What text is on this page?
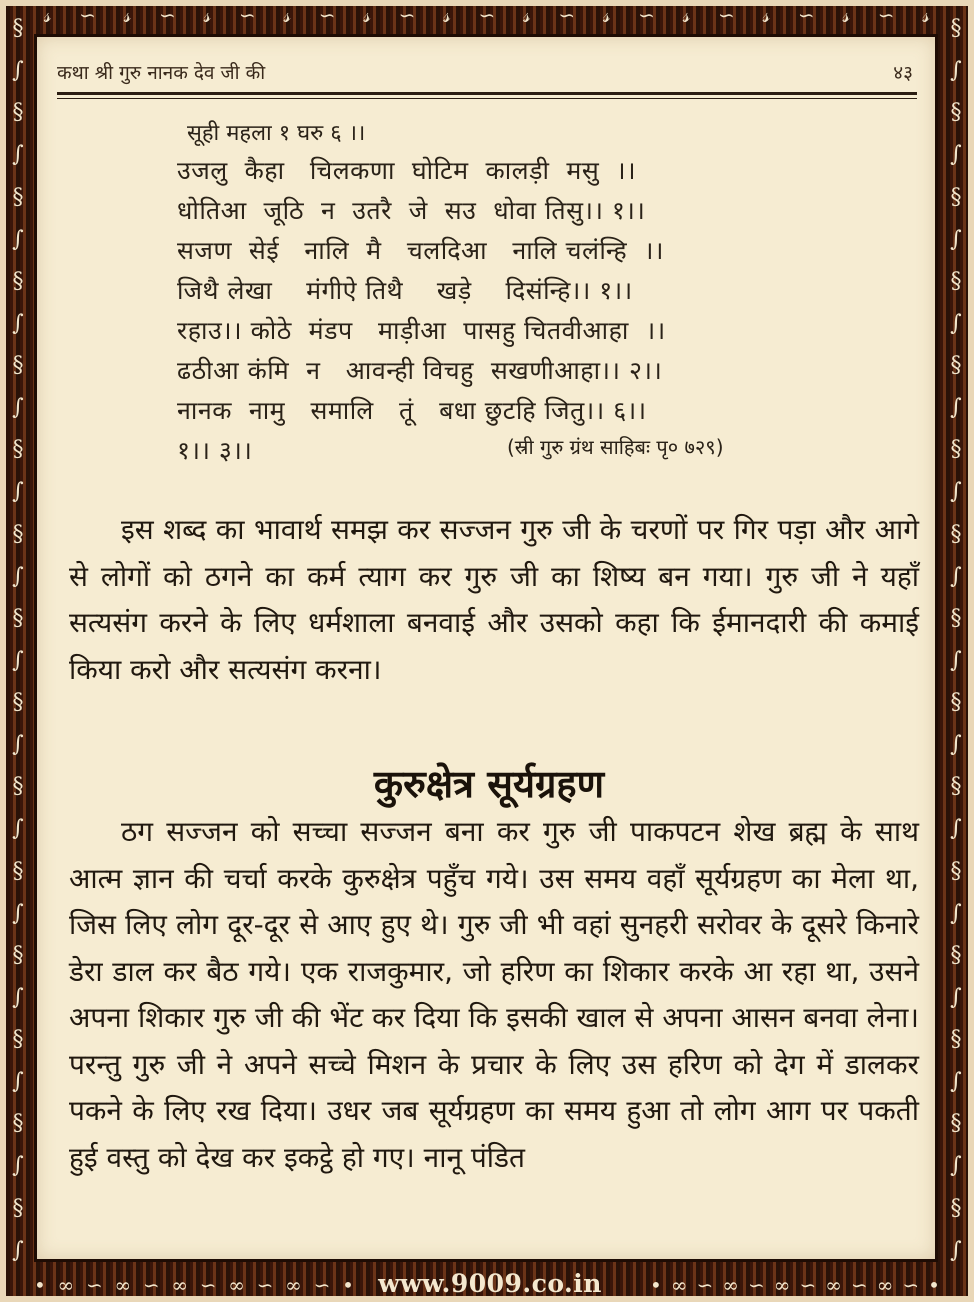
𝓈 ∽ 𝓈 ∽ 𝓈 ∽ 𝓈 ∽ 𝓈 ∽ 𝓈 ∽ 𝓈 ∽ 𝓈 ∽ 𝓈 ∽ 𝓈 ∽ 𝓈 ∽ 𝓈
§
∫
§
∫
§
∫
§
∫
§
∫
§
∫
§
∫
§
∫
§
∫
§
∫
§
∫
§
∫
§
∫
§
∫
§
∫
§
∫
§
∫
§
∫
§
∫
§
∫
§
∫
§
∫
§
∫
§
∫
§
∫
§
∫
§
∫
§
∫
§
∫
§
∫
• ∞ ∽ ∞ ∽ ∞ ∽ ∞ ∽ ∞ ∽ •	• ∞ ∽ ∞ ∽ ∞ ∽ ∞ ∽ ∞ ∽ •
www.9009.co.in
कथा श्री गुरु नानक देव जी की	४३
सूही महला १ घरु ६ ।।
उजलु  कैहा   चिलकणा  घोटिम  कालड़ी  मसु  ।।
धोतिआ  जूठि  न  उतरै  जे  सउ  धोवा तिसु।। १।।
सजण  सेई   नालि  मै   चलदिआ   नालि चलंन्हि  ।।
जिथै लेखा    मंगीऐ तिथै    खड़े    दिसंन्हि।। १।।
रहाउ।। कोठे  मंडप   माड़ीआ  पासहु चितवीआहा  ।।
ढठीआ कंमि  न   आवन्ही विचहु  सखणीआहा।। २।।
नानक  नामु   समालि   तूं   बधा छुटहि जितु।। ६।।
१।। ३।।	(स्री गुरु ग्रंथ साहिबः पृ० ७२९)

इस शब्द का भावार्थ समझ कर सज्जन गुरु जी के चरणों पर गिर पड़ा और आगे से लोगों को ठगने का कर्म त्याग कर गुरु जी का शिष्य बन गया। गुरु जी ने यहाँ सत्यसंग करने के लिए धर्मशाला बनवाई और उसको कहा कि ईमानदारी की कमाई किया करो और सत्यसंग करना।

कुरुक्षेत्र सूर्यग्रहण

ठग सज्जन को सच्चा सज्जन बना कर गुरु जी पाकपटन शेख ब्रह्म के साथ आत्म ज्ञान की चर्चा करके कुरुक्षेत्र पहुँच गये। उस समय वहाँ सूर्यग्रहण का मेला था, जिस लिए लोग दूर-दूर से आए हुए थे। गुरु जी भी वहां सुनहरी सरोवर के दूसरे किनारे डेरा डाल कर बैठ गये। एक राजकुमार, जो हरिण का शिकार करके आ रहा था, उसने अपना शिकार गुरु जी की भेंट कर दिया कि इसकी खाल से अपना आसन बनवा लेना। परन्तु गुरु जी ने अपने सच्चे मिशन के प्रचार के लिए उस हरिण को देग में डालकर पकने के लिए रख दिया। उधर जब सूर्यग्रहण का समय हुआ तो लोग आग पर पकती हुई वस्तु को देख कर इकट्ठे हो गए। नानू पंडित
